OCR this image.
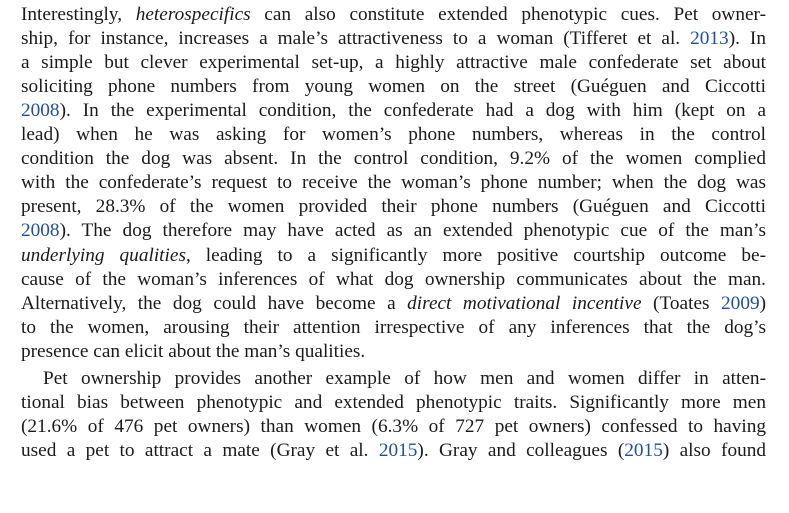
Interestingly, heterospecifics can also constitute extended phenotypic cues. Pet owner-
ship, for instance, increases a male’s attractiveness to a woman (Tifferet et al. 2013). In
a simple but clever experimental set-up, a highly attractive male confederate set about
soliciting phone numbers from young women on the street (Guéguen and Ciccotti
2008). In the experimental condition, the confederate had a dog with him (kept on a
lead) when he was asking for women’s phone numbers, whereas in the control
condition the dog was absent. In the control condition, 9.2% of the women complied
with the confederate’s request to receive the woman’s phone number; when the dog was
present, 28.3% of the women provided their phone numbers (Guéguen and Ciccotti
2008). The dog therefore may have acted as an extended phenotypic cue of the man’s
underlying qualities, leading to a significantly more positive courtship outcome be-
cause of the woman’s inferences of what dog ownership communicates about the man.
Alternatively, the dog could have become a direct motivational incentive (Toates 2009)
to the women, arousing their attention irrespective of any inferences that the dog’s
presence can elicit about the man’s qualities.
Pet ownership provides another example of how men and women differ in atten-
tional bias between phenotypic and extended phenotypic traits. Significantly more men
(21.6% of 476 pet owners) than women (6.3% of 727 pet owners) confessed to having
used a pet to attract a mate (Gray et al. 2015). Gray and colleagues (2015) also found
